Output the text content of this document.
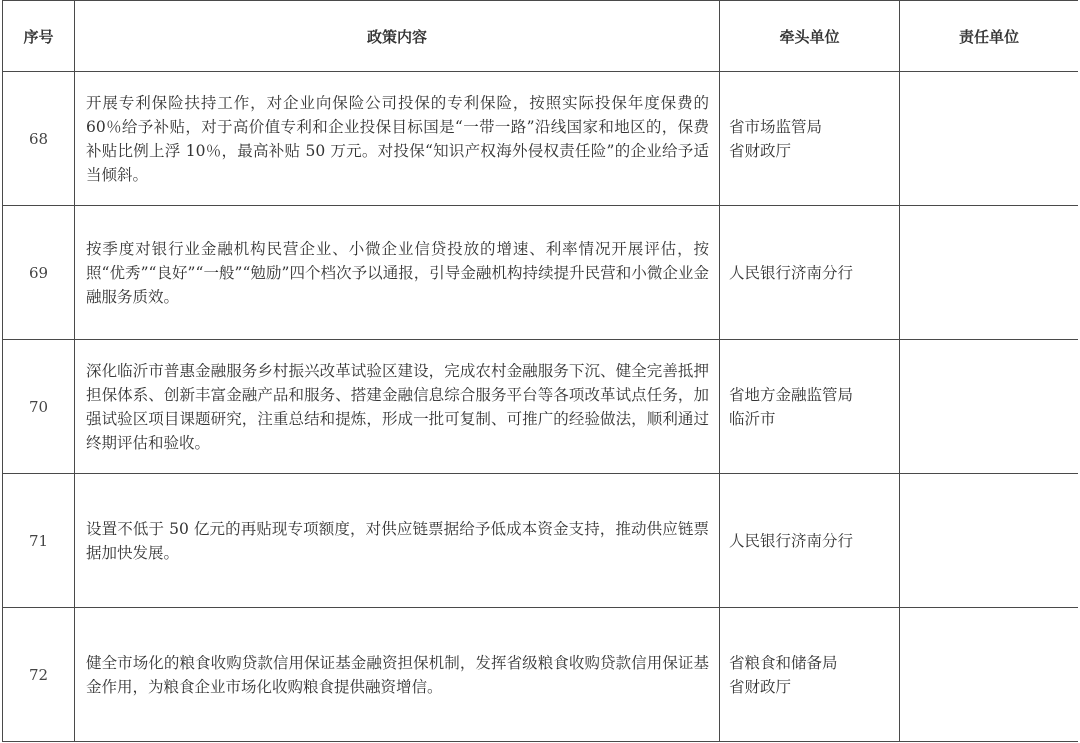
序号	政策内容	牵头单位	责任单位
68	开展专利保险扶持工作，对企业向保险公司投保的专利保险，按照实际投保年度保费的 60％给予补贴，对于高价值专利和企业投保目标国是“一带一路”沿线国家和地区的，保费补贴比例上浮 10％，最高补贴 50 万元。对投保“知识产权海外侵权责任险”的企业给予适当倾斜。	省市场监管局
省财政厅	

69	按季度对银行业金融机构民营企业、小微企业信贷投放的增速、利率情况开展评估，按照“优秀”“良好”“一般”“勉励”四个档次予以通报，引导金融机构持续提升民营和小微企业金融服务质效。	人民银行济南分行	

70	深化临沂市普惠金融服务乡村振兴改革试验区建设，完成农村金融服务下沉、健全完善抵押担保体系、创新丰富金融产品和服务、搭建金融信息综合服务平台等各项改革试点任务，加强试验区项目课题研究，注重总结和提炼，形成一批可复制、可推广的经验做法，顺利通过终期评估和验收。	省地方金融监管局
临沂市	

71	设置不低于 50 亿元的再贴现专项额度，对供应链票据给予低成本资金支持，推动供应链票据加快发展。	人民银行济南分行	

72	健全市场化的粮食收购贷款信用保证基金融资担保机制，发挥省级粮食收购贷款信用保证基金作用，为粮食企业市场化收购粮食提供融资增信。	省粮食和储备局
省财政厅	
